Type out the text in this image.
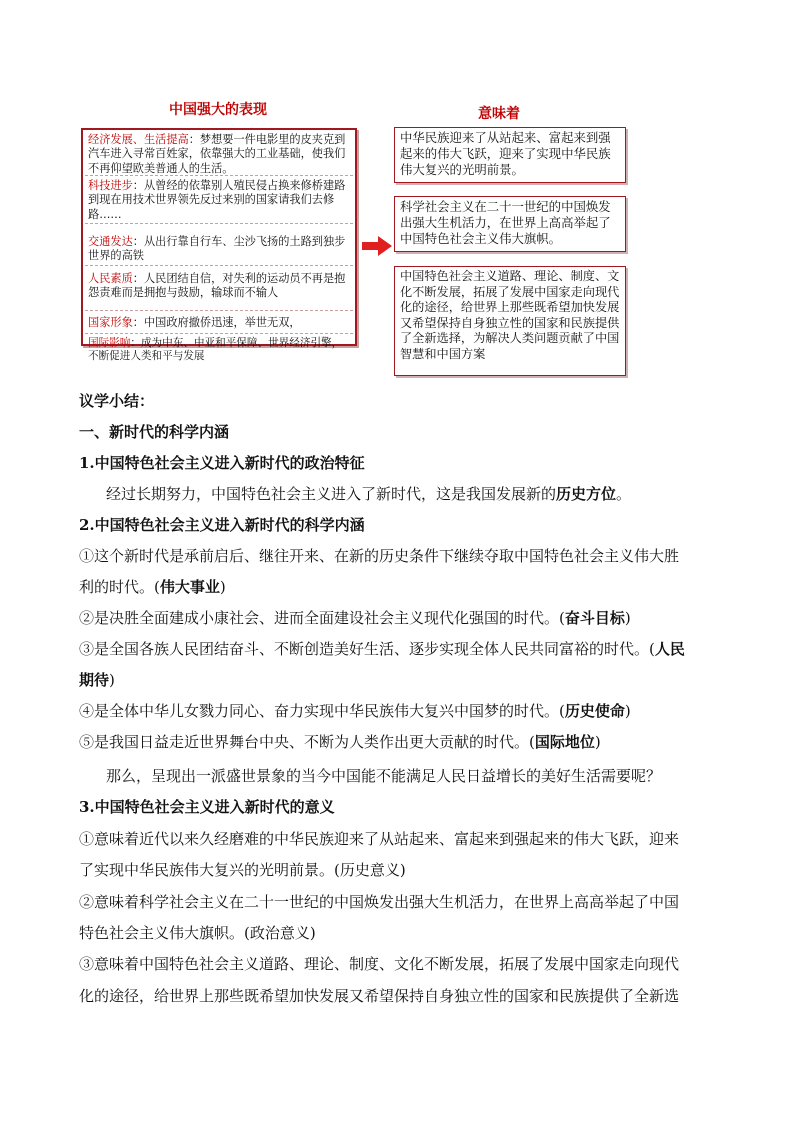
中国强大的表现	意味着
经济发展、生活提高：梦想要一件电影里的皮夹克到汽车进入寻常百姓家，依靠强大的工业基础，使我们不再仰望欧美普通人的生活。
科技进步：从曾经的依靠别人殖民侵占换来修桥建路到现在用技术世界领先反过来别的国家请我们去修路……
交通发达：从出行靠自行车、尘沙飞扬的土路到独步世界的高铁
人民素质：人民团结自信，对失利的运动员不再是抱怨责难而是拥抱与鼓励，输球而不输人
国家形象：中国政府撤侨迅速，举世无双，
国际影响：成为中东、中亚和平保障、世界经济引擎，不断促进人类和平与发展
中华民族迎来了从站起来、富起来到强起来的伟大飞跃，迎来了实现中华民族伟大复兴的光明前景。
科学社会主义在二十一世纪的中国焕发出强大生机活力，在世界上高高举起了中国特色社会主义伟大旗帜。
中国特色社会主义道路、理论、制度、文化不断发展，拓展了发展中国家走向现代化的途径，给世界上那些既希望加快发展又希望保持自身独立性的国家和民族提供了全新选择，为解决人类问题贡献了中国智慧和中国方案
议学小结：
一、新时代的科学内涵
1.中国特色社会主义进入新时代的政治特征
经过长期努力，中国特色社会主义进入了新时代，这是我国发展新的历史方位。
2.中国特色社会主义进入新时代的科学内涵
①这个新时代是承前启后、继往开来、在新的历史条件下继续夺取中国特色社会主义伟大胜
利的时代。(伟大事业)
②是决胜全面建成小康社会、进而全面建设社会主义现代化强国的时代。(奋斗目标)
③是全国各族人民团结奋斗、不断创造美好生活、逐步实现全体人民共同富裕的时代。(人民
期待)
④是全体中华儿女戮力同心、奋力实现中华民族伟大复兴中国梦的时代。(历史使命)
⑤是我国日益走近世界舞台中央、不断为人类作出更大贡献的时代。(国际地位)
那么，呈现出一派盛世景象的当今中国能不能满足人民日益增长的美好生活需要呢？
3.中国特色社会主义进入新时代的意义
①意味着近代以来久经磨难的中华民族迎来了从站起来、富起来到强起来的伟大飞跃，迎来
了实现中华民族伟大复兴的光明前景。(历史意义)
②意味着科学社会主义在二十一世纪的中国焕发出强大生机活力，在世界上高高举起了中国
特色社会主义伟大旗帜。(政治意义)
③意味着中国特色社会主义道路、理论、制度、文化不断发展，拓展了发展中国家走向现代
化的途径，给世界上那些既希望加快发展又希望保持自身独立性的国家和民族提供了全新选
